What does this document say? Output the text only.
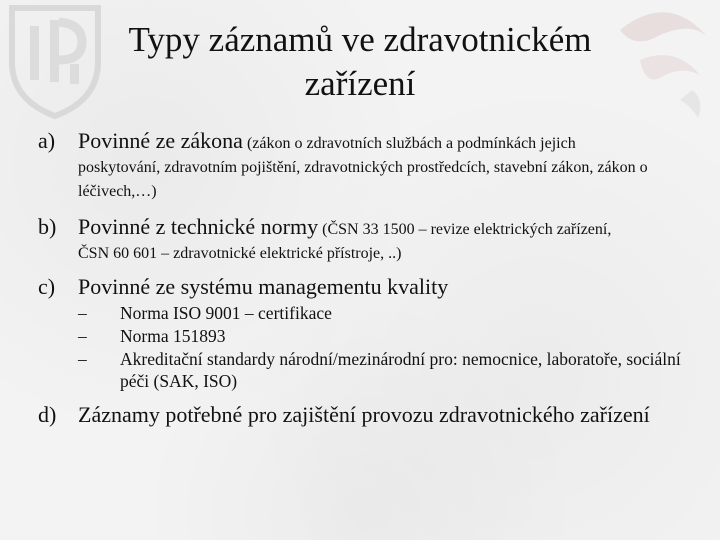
Typy záznamů ve zdravotnickém
zařízení
a) Povinné ze zákona (zákon o zdravotních službách a podmínkách jejich
poskytování, zdravotním pojištění, zdravotnických prostředcích, stavební zákon, zákon o léčivech,…)
b) Povinné z technické normy (ČSN 33 1500 – revize elektrických zařízení,
ČSN 60 601 – zdravotnické elektrické přístroje, ..)
c) Povinné ze systému managementu kvality
– Norma ISO 9001 – certifikace
– Norma 151893
– Akreditační standardy národní/mezinárodní pro: nemocnice, laboratoře, sociální péči (SAK, ISO)
d) Záznamy potřebné pro zajištění provozu zdravotnického zařízení
